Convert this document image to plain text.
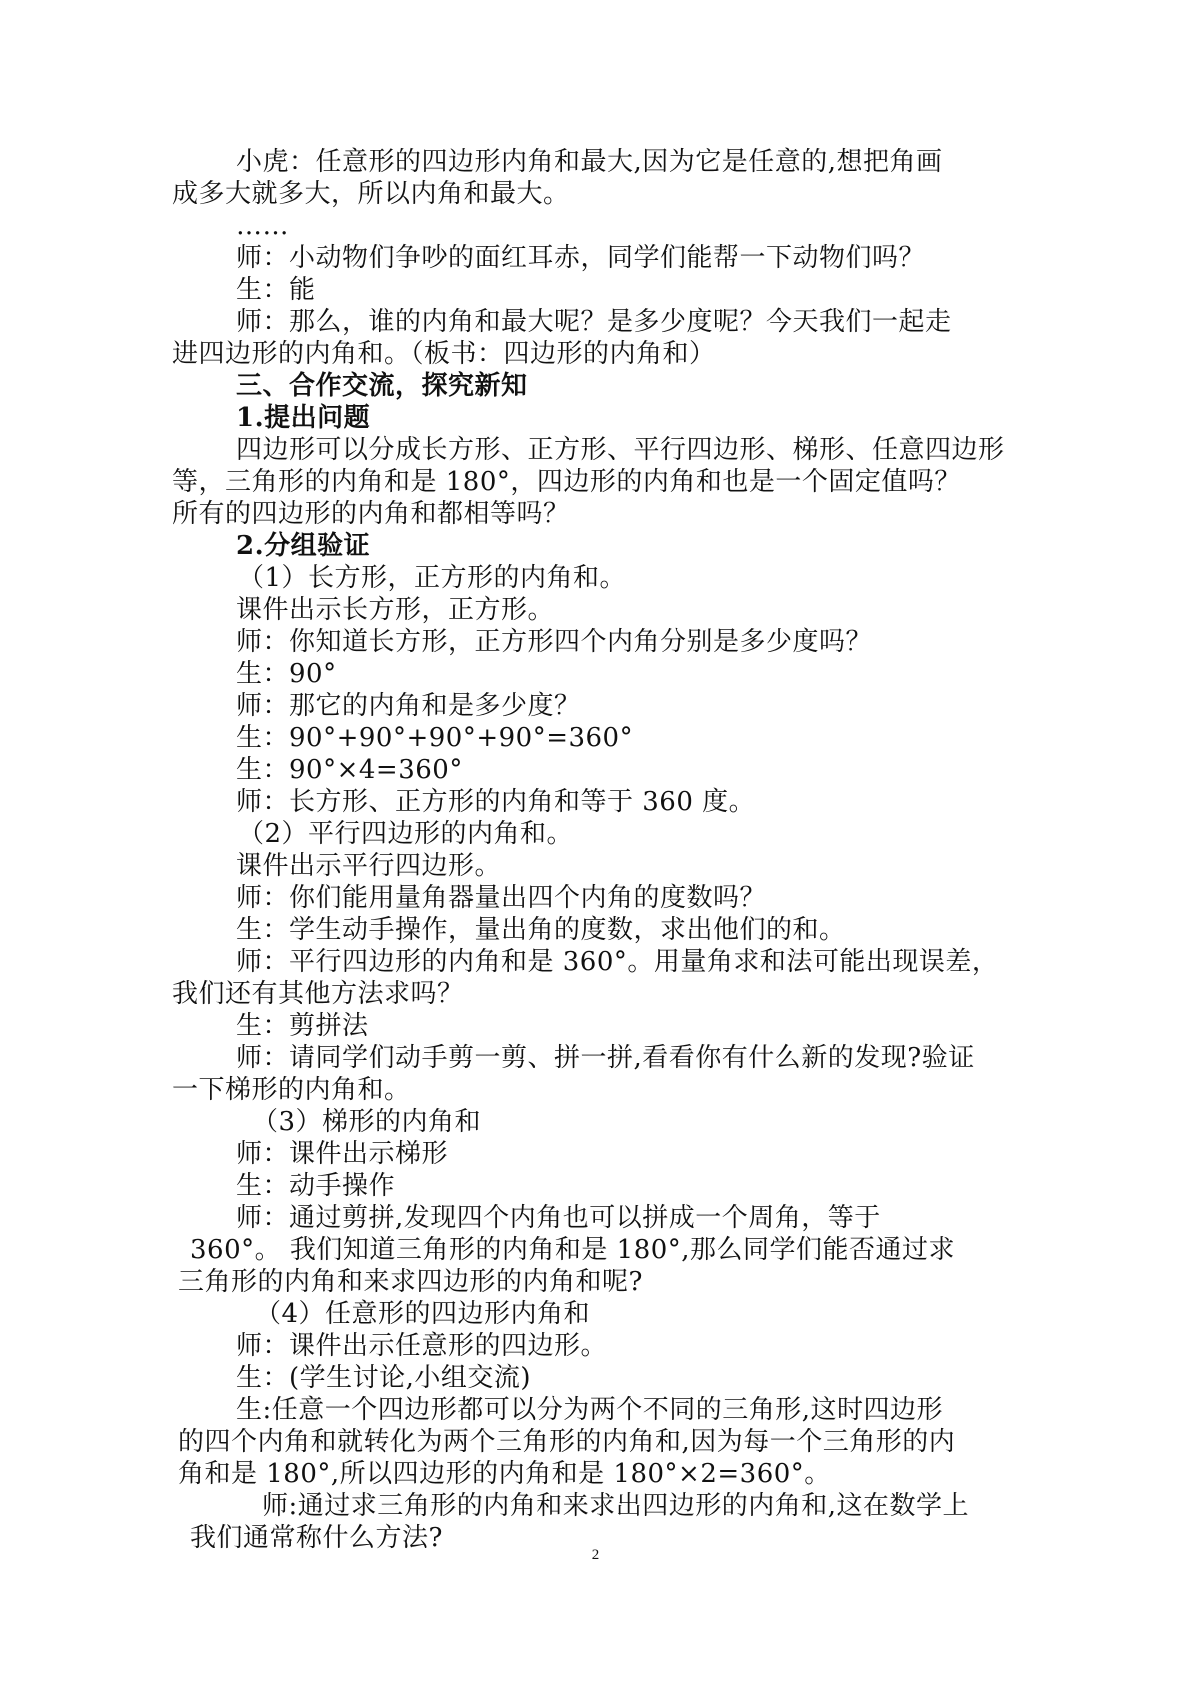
小虎：任意形的四边形内角和最大,因为它是任意的,想把角画
成多大就多大，所以内角和最大。
……
师：小动物们争吵的面红耳赤，同学们能帮一下动物们吗？
生：能
师：那么，谁的内角和最大呢？是多少度呢？今天我们一起走
进四边形的内角和。（板书：四边形的内角和）
三、合作交流，探究新知
1.提出问题
四边形可以分成长方形、正方形、平行四边形、梯形、任意四边形
等，三角形的内角和是 180°，四边形的内角和也是一个固定值吗？
所有的四边形的内角和都相等吗？
2.分组验证
（1）长方形，正方形的内角和。
课件出示长方形，正方形。
师：你知道长方形，正方形四个内角分别是多少度吗？
生：90°
师：那它的内角和是多少度？
生：90°+90°+90°+90°=360°
生：90°×4=360°
师：长方形、正方形的内角和等于 360 度。
（2）平行四边形的内角和。
课件出示平行四边形。
师：你们能用量角器量出四个内角的度数吗？
生：学生动手操作，量出角的度数，求出他们的和。
师：平行四边形的内角和是 360°。用量角求和法可能出现误差，
我们还有其他方法求吗？
生：剪拼法
师：请同学们动手剪一剪、拼一拼,看看你有什么新的发现?验证
一下梯形的内角和。
（3）梯形的内角和
师：课件出示梯形
生：动手操作
师：通过剪拼,发现四个内角也可以拼成一个周角，等于
360°。 我们知道三角形的内角和是 180°,那么同学们能否通过求
三角形的内角和来求四边形的内角和呢?
（4）任意形的四边形内角和
师：课件出示任意形的四边形。
生：(学生讨论,小组交流)
生:任意一个四边形都可以分为两个不同的三角形,这时四边形
的四个内角和就转化为两个三角形的内角和,因为每一个三角形的内
角和是 180°,所以四边形的内角和是 180°×2=360°。
师:通过求三角形的内角和来求出四边形的内角和,这在数学上
我们通常称什么方法?
2
